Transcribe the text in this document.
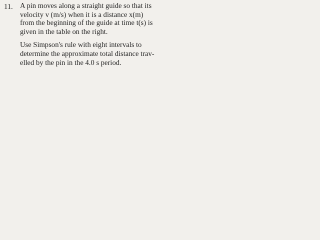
11. A pin moves along a straight guide so that its
velocity v (m/s) when it is a distance x(m)
from the beginning of the guide at time t(s) is
given in the table on the right.
Use Simpson's rule with eight intervals to
determine the approximate total distance trav-
elled by the pin in the 4.0 s period.
